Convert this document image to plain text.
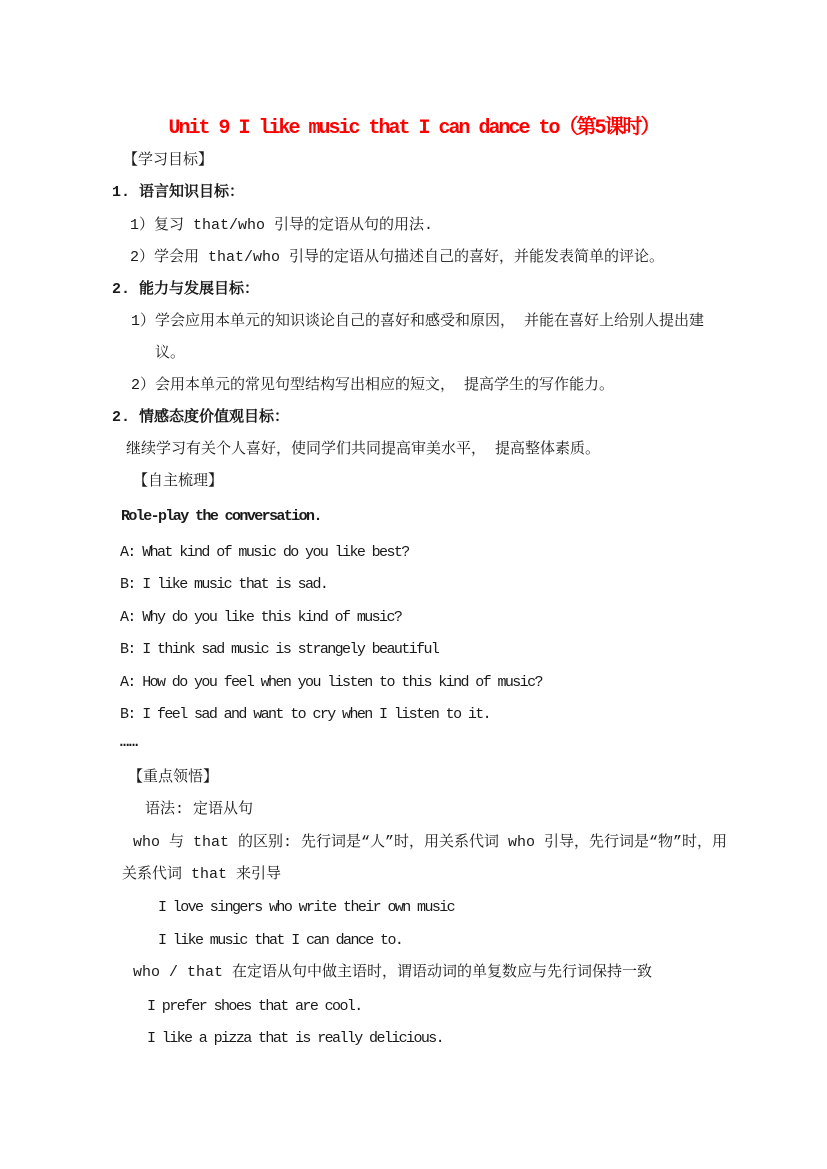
Unit 9 I like music that I can dance to（第5课时）
【学习目标】
1. 语言知识目标：
1）复习 that/who 引导的定语从句的用法.
2）学会用 that/who 引导的定语从句描述自己的喜好，并能发表简单的评论。
2. 能力与发展目标：
1）学会应用本单元的知识谈论自己的喜好和感受和原因， 并能在喜好上给别人提出建
议。
2）会用本单元的常见句型结构写出相应的短文， 提高学生的写作能力。
2. 情感态度价值观目标：
继续学习有关个人喜好，使同学们共同提高审美水平， 提高整体素质。
【自主梳理】
Role-play the conversation.
A: What kind of music do you like best?
B: I like music that is sad.
A: Why do you like this kind of music?
B: I think sad music is strangely beautiful
A: How do you feel when you listen to this kind of music?
B: I feel sad and want to cry when I listen to it.
……
【重点领悟】
语法: 定语从句
who 与 that 的区别: 先行词是“人”时，用关系代词 who 引导，先行词是“物”时，用
关系代词 that 来引导
I love singers who write their own music
I like music that I can dance to.
who / that 在定语从句中做主语时，谓语动词的单复数应与先行词保持一致
I prefer shoes that are cool.
I like a pizza that is really delicious.
